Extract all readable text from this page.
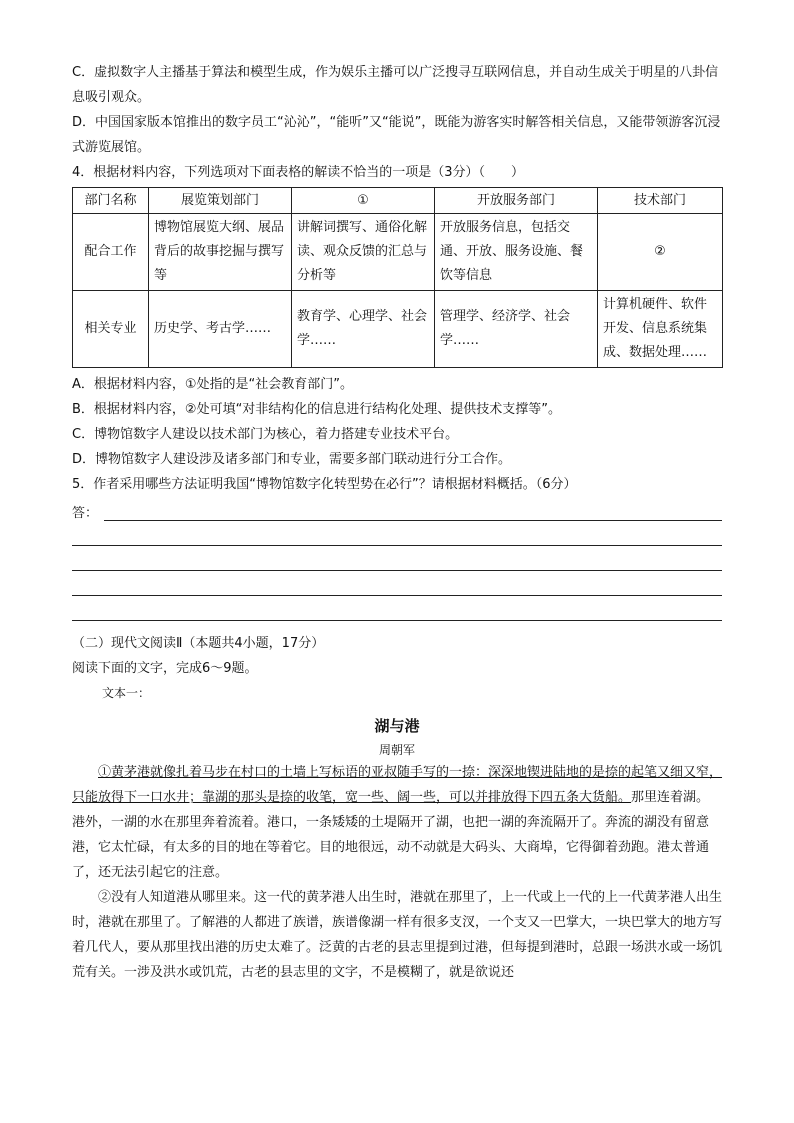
C．虚拟数字人主播基于算法和模型生成，作为娱乐主播可以广泛搜寻互联网信息，并自动生成关于明星的八卦信息吸引观众。
D．中国国家版本馆推出的数字员工“沁沁”，“能听”又“能说”，既能为游客实时解答相关信息，又能带领游客沉浸式游览展馆。
4．根据材料内容，下列选项对下面表格的解读不恰当的一项是（3分）（　　）
部门名称	展览策划部门	①	开放服务部门	技术部门
配合工作	博物馆展览大纲、展品背后的故事挖掘与撰写等	讲解词撰写、通俗化解读、观众反馈的汇总与分析等	开放服务信息，包括交通、开放、服务设施、餐饮等信息	②
相关专业	历史学、考古学……	教育学、心理学、社会学……	管理学、经济学、社会学……	计算机硬件、软件开发、信息系统集成、数据处理……
A．根据材料内容，①处指的是“社会教育部门”。
B．根据材料内容，②处可填“对非结构化的信息进行结构化处理、提供技术支撑等”。
C．博物馆数字人建设以技术部门为核心，着力搭建专业技术平台。
D．博物馆数字人建设涉及诸多部门和专业，需要多部门联动进行分工合作。
5．作者采用哪些方法证明我国“博物馆数字化转型势在必行”？请根据材料概括。（6分）
答：
（二）现代文阅读Ⅱ（本题共4小题，17分）
阅读下面的文字，完成6～9题。
文本一：
湖与港
周朝军
①黄茅港就像扎着马步在村口的土墙上写标语的亚叔随手写的一捺：深深地锲进陆地的是捺的起笔又细又窄，只能放得下一口水井；靠湖的那头是捺的收笔，宽一些、阔一些，可以并排放得下四五条大货船。那里连着湖。港外，一湖的水在那里奔着流着。港口，一条矮矮的土堤隔开了湖，也把一湖的奔流隔开了。奔流的湖没有留意港，它太忙碌，有太多的目的地在等着它。目的地很远，动不动就是大码头、大商埠，它得御着劲跑。港太普通了，还无法引起它的注意。
②没有人知道港从哪里来。这一代的黄茅港人出生时，港就在那里了，上一代或上一代的上一代黄茅港人出生时，港就在那里了。了解港的人都进了族谱，族谱像湖一样有很多支汊，一个支又一巴掌大，一块巴掌大的地方写着几代人，要从那里找出港的历史太难了。泛黄的古老的县志里提到过港，但每提到港时，总跟一场洪水或一场饥荒有关。一涉及洪水或饥荒，古老的县志里的文字，不是模糊了，就是欲说还
